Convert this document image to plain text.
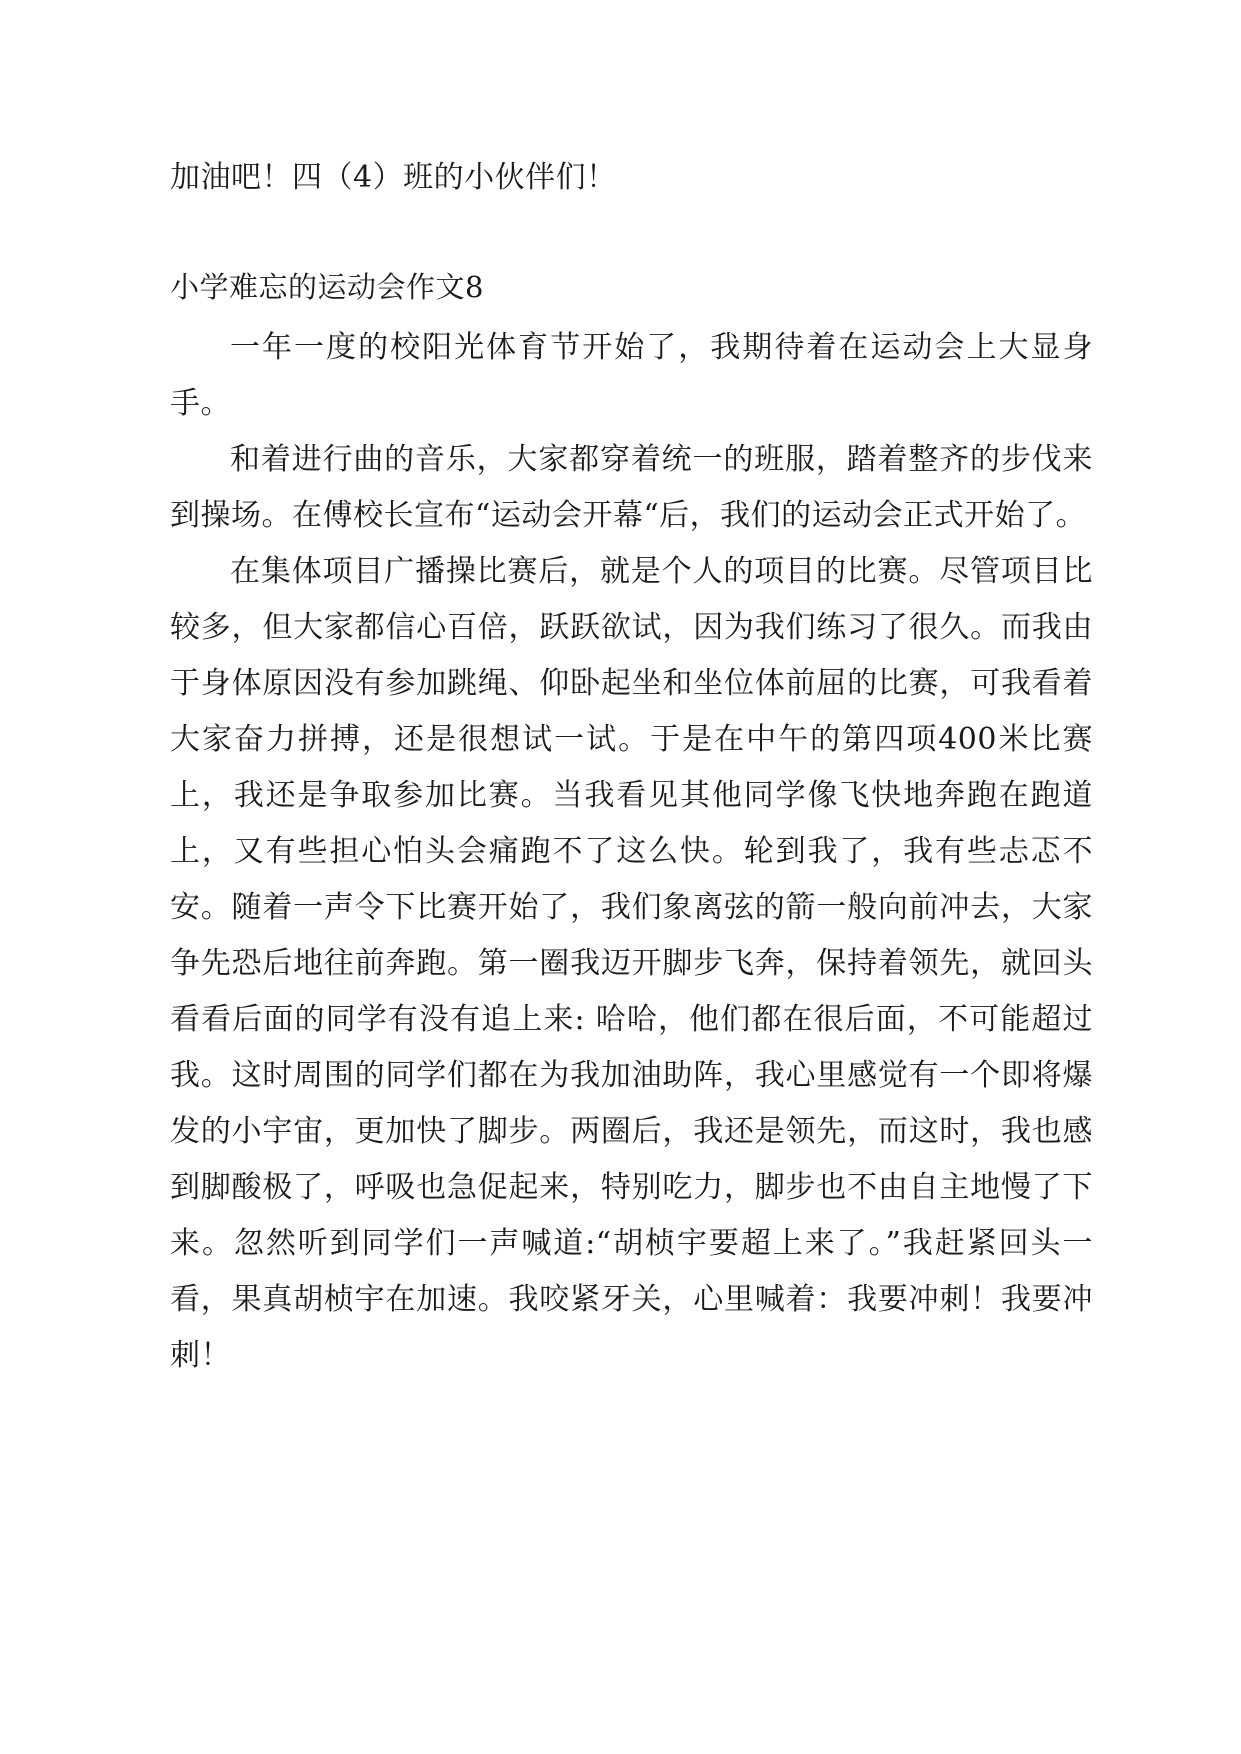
加油吧！四（4）班的小伙伴们！

小学难忘的运动会作文8

一年一度的校阳光体育节开始了，我期待着在运动会上大显身手。

和着进行曲的音乐，大家都穿着统一的班服，踏着整齐的步伐来到操场。在傅校长宣布“运动会开幕“后，我们的运动会正式开始了。

在集体项目广播操比赛后，就是个人的项目的比赛。尽管项目比较多，但大家都信心百倍，跃跃欲试，因为我们练习了很久。而我由于身体原因没有参加跳绳、仰卧起坐和坐位体前屈的比赛，可我看着大家奋力拼搏，还是很想试一试。于是在中午的第四项400米比赛上，我还是争取参加比赛。当我看见其他同学像飞快地奔跑在跑道上，又有些担心怕头会痛跑不了这么快。轮到我了，我有些忐忑不安。随着一声令下比赛开始了，我们象离弦的箭一般向前冲去，大家争先恐后地往前奔跑。第一圈我迈开脚步飞奔，保持着领先，就回头看看后面的同学有没有追上来: 哈哈，他们都在很后面，不可能超过我。这时周围的同学们都在为我加油助阵，我心里感觉有一个即将爆发的小宇宙，更加快了脚步。两圈后，我还是领先，而这时，我也感到脚酸极了，呼吸也急促起来，特别吃力，脚步也不由自主地慢了下来。忽然听到同学们一声喊道:“胡桢宇要超上来了。”我赶紧回头一看，果真胡桢宇在加速。我咬紧牙关，心里喊着：我要冲刺！我要冲刺！
